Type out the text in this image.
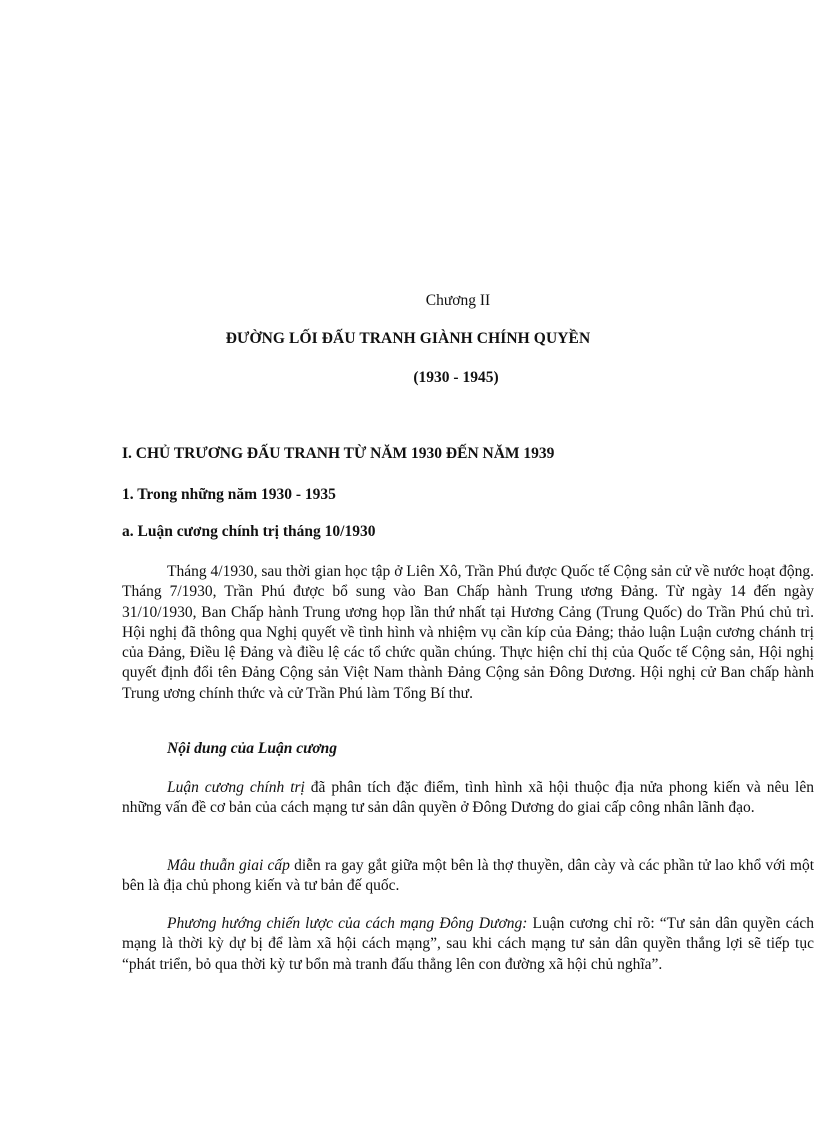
Chương II
ĐƯỜNG LỐI ĐẤU TRANH GIÀNH CHÍNH QUYỀN
(1930 - 1945)
I. CHỦ TRƯƠNG ĐẤU TRANH TỪ NĂM 1930 ĐẾN NĂM 1939
1. Trong những năm 1930 - 1935
a. Luận cương chính trị tháng 10/1930

Tháng 4/1930, sau thời gian học tập ở Liên Xô, Trần Phú được Quốc tế Cộng sản cử về nước hoạt động. Tháng 7/1930, Trần Phú được bổ sung vào Ban Chấp hành Trung ương Đảng. Từ ngày 14 đến ngày 31/10/1930, Ban Chấp hành Trung ương họp lần thứ nhất tại Hương Cảng (Trung Quốc) do Trần Phú chủ trì. Hội nghị đã thông qua Nghị quyết về tình hình và nhiệm vụ cần kíp của Đảng; thảo luận Luận cương chánh trị của Đảng, Điều lệ Đảng và điều lệ các tổ chức quần chúng. Thực hiện chỉ thị của Quốc tế Cộng sản, Hội nghị quyết định đổi tên Đảng Cộng sản Việt Nam thành Đảng Cộng sản Đông Dương. Hội nghị cử Ban chấp hành Trung ương chính thức và cử Trần Phú làm Tổng Bí thư.

Nội dung của Luận cương

Luận cương chính trị đã phân tích đặc điểm, tình hình xã hội thuộc địa nửa phong kiến và nêu lên những vấn đề cơ bản của cách mạng tư sản dân quyền ở Đông Dương do giai cấp công nhân lãnh đạo.

Mâu thuẫn giai cấp diễn ra gay gắt giữa một bên là thợ thuyền, dân cày và các phần tử lao khổ với một bên là địa chủ phong kiến và tư bản đế quốc.

Phương hướng chiến lược của cách mạng Đông Dương: Luận cương chỉ rõ: “Tư sản dân quyền cách mạng là thời kỳ dự bị để làm xã hội cách mạng”, sau khi cách mạng tư sản dân quyền thắng lợi sẽ tiếp tục “phát triển, bỏ qua thời kỳ tư bổn mà tranh đấu thẳng lên con đường xã hội chủ nghĩa”.
